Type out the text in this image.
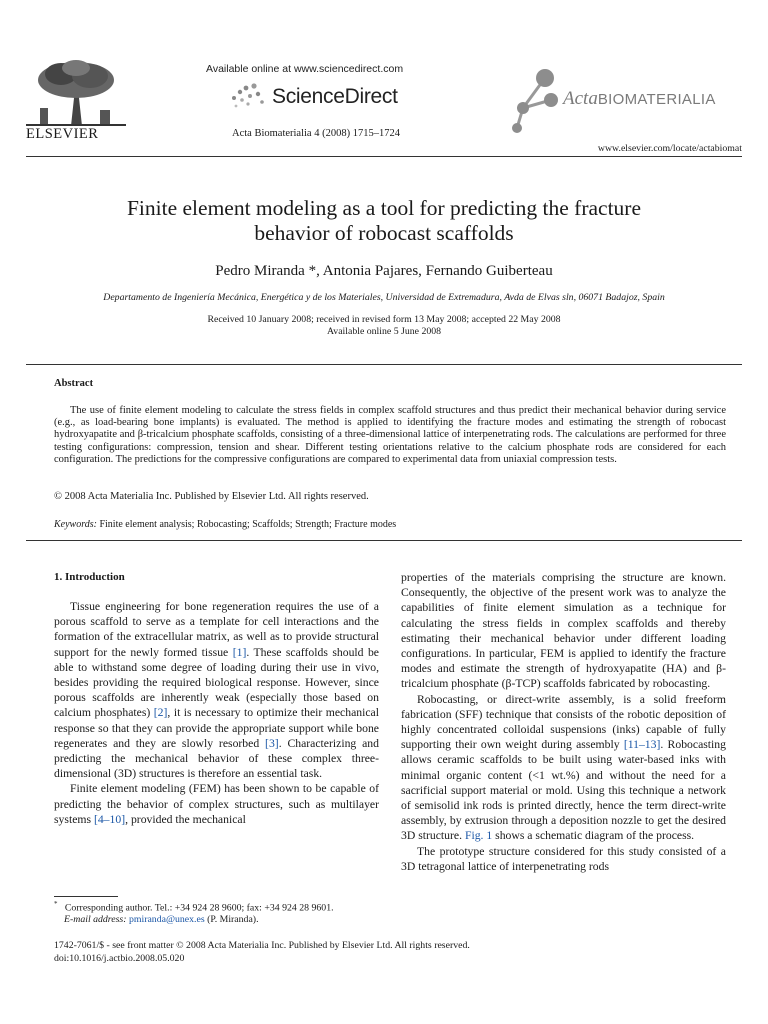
ELSEVIER
Available online at www.sciencedirect.com
ScienceDirect
Acta Biomaterialia 4 (2008) 1715–1724
ActaBIOMATERIALIA
www.elsevier.com/locate/actabiomat
Finite element modeling as a tool for predicting the fracture
behavior of robocast scaffolds
Pedro Miranda *, Antonia Pajares, Fernando Guiberteau
Departamento de Ingeniería Mecánica, Energética y de los Materiales, Universidad de Extremadura, Avda de Elvas sln, 06071 Badajoz, Spain
Received 10 January 2008; received in revised form 13 May 2008; accepted 22 May 2008
Available online 5 June 2008
Abstract

The use of finite element modeling to calculate the stress fields in complex scaffold structures and thus predict their mechanical behavior during service (e.g., as load-bearing bone implants) is evaluated. The method is applied to identifying the fracture modes and estimating the strength of robocast hydroxyapatite and β-tricalcium phosphate scaffolds, consisting of a three-dimensional lattice of interpenetrating rods. The calculations are performed for three testing configurations: compression, tension and shear. Different testing orientations relative to the calcium phosphate rods are considered for each configuration. The predictions for the compressive configurations are compared to experimental data from uniaxial compression tests.

© 2008 Acta Materialia Inc. Published by Elsevier Ltd. All rights reserved.
Keywords: Finite element analysis; Robocasting; Scaffolds; Strength; Fracture modes
1. Introduction

Tissue engineering for bone regeneration requires the use of a porous scaffold to serve as a template for cell interactions and the formation of the extracellular matrix, as well as to provide structural support for the newly formed tissue [1]. These scaffolds should be able to withstand some degree of loading during their use in vivo, besides providing the required biological response. However, since porous scaffolds are inherently weak (especially those based on calcium phosphates) [2], it is necessary to optimize their mechanical response so that they can provide the appropriate support while bone regenerates and they are slowly resorbed [3]. Characterizing and predicting the mechanical behavior of these complex three-dimensional (3D) structures is therefore an essential task.

Finite element modeling (FEM) has been shown to be capable of predicting the behavior of complex structures, such as multilayer systems [4–10], provided the mechanical

properties of the materials comprising the structure are known. Consequently, the objective of the present work was to analyze the capabilities of finite element simulation as a technique for calculating the stress fields in complex scaffolds and thereby estimating their mechanical behavior under different loading configurations. In particular, FEM is applied to identify the fracture modes and estimate the strength of hydroxyapatite (HA) and β-tricalcium phosphate (β-TCP) scaffolds fabricated by robocasting.

Robocasting, or direct-write assembly, is a solid freeform fabrication (SFF) technique that consists of the robotic deposition of highly concentrated colloidal suspensions (inks) capable of fully supporting their own weight during assembly [11–13]. Robocasting allows ceramic scaffolds to be built using water-based inks with minimal organic content (<1 wt.%) and without the need for a sacrificial support material or mold. Using this technique a network of semisolid ink rods is printed directly, hence the term direct-write assembly, by extrusion through a deposition nozzle to get the desired 3D structure. Fig. 1 shows a schematic diagram of the process.

The prototype structure considered for this study consisted of a 3D tetragonal lattice of interpenetrating rods

* Corresponding author. Tel.: +34 924 28 9600; fax: +34 924 28 9601.
E-mail address: pmiranda@unex.es (P. Miranda).
1742-7061/$ - see front matter © 2008 Acta Materialia Inc. Published by Elsevier Ltd. All rights reserved.
doi:10.1016/j.actbio.2008.05.020
